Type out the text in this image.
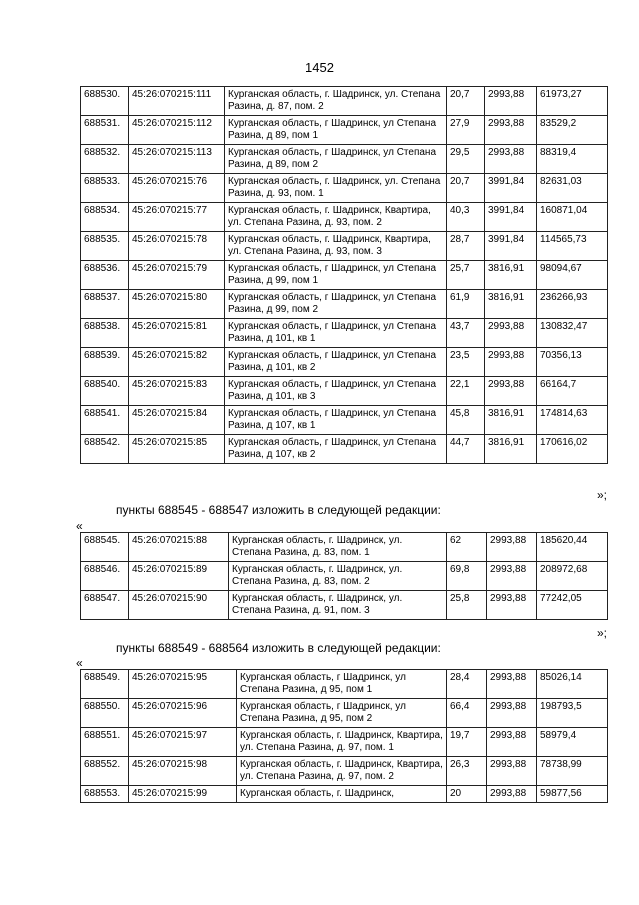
1452
688530.	45:26:070215:111	Курганская область, г. Шадринск, ул. Степана Разина, д. 87, пом. 2	20,7	2993,88	61973,27
688531.	45:26:070215:112	Курганская область, г Шадринск, ул Степана Разина, д 89, пом 1	27,9	2993,88	83529,2
688532.	45:26:070215:113	Курганская область, г Шадринск, ул Степана Разина, д 89, пом 2	29,5	2993,88	88319,4
688533.	45:26:070215:76	Курганская область, г. Шадринск, ул. Степана Разина, д. 93, пом. 1	20,7	3991,84	82631,03
688534.	45:26:070215:77	Курганская область, г. Шадринск, Квартира, ул. Степана Разина, д. 93, пом. 2	40,3	3991,84	160871,04
688535.	45:26:070215:78	Курганская область, г. Шадринск, Квартира, ул. Степана Разина, д. 93, пом. 3	28,7	3991,84	114565,73
688536.	45:26:070215:79	Курганская область, г Шадринск, ул Степана Разина, д 99, пом 1	25,7	3816,91	98094,67
688537.	45:26:070215:80	Курганская область, г Шадринск, ул Степана Разина, д 99, пом 2	61,9	3816,91	236266,93
688538.	45:26:070215:81	Курганская область, г Шадринск, ул Степана Разина, д 101, кв 1	43,7	2993,88	130832,47
688539.	45:26:070215:82	Курганская область, г Шадринск, ул Степана Разина, д 101, кв 2	23,5	2993,88	70356,13
688540.	45:26:070215:83	Курганская область, г Шадринск, ул Степана Разина, д 101, кв 3	22,1	2993,88	66164,7
688541.	45:26:070215:84	Курганская область, г Шадринск, ул Степана Разина, д 107, кв 1	45,8	3816,91	174814,63
688542.	45:26:070215:85	Курганская область, г Шадринск, ул Степана Разина, д 107, кв 2	44,7	3816,91	170616,02
»;
пункты 688545 - 688547 изложить в следующей редакции:
«
688545.	45:26:070215:88	Курганская область, г. Шадринск, ул. Степана Разина, д. 83, пом. 1	62	2993,88	185620,44
688546.	45:26:070215:89	Курганская область, г. Шадринск, ул. Степана Разина, д. 83, пом. 2	69,8	2993,88	208972,68
688547.	45:26:070215:90	Курганская область, г. Шадринск, ул. Степана Разина, д. 91, пом. 3	25,8	2993,88	77242,05
»;
пункты 688549 - 688564 изложить в следующей редакции:
«
688549.	45:26:070215:95	Курганская область, г Шадринск, ул Степана Разина, д 95, пом 1	28,4	2993,88	85026,14
688550.	45:26:070215:96	Курганская область, г Шадринск, ул Степана Разина, д 95, пом 2	66,4	2993,88	198793,5
688551.	45:26:070215:97	Курганская область, г. Шадринск, Квартира, ул. Степана Разина, д. 97, пом. 1	19,7	2993,88	58979,4
688552.	45:26:070215:98	Курганская область, г. Шадринск, Квартира, ул. Степана Разина, д. 97, пом. 2	26,3	2993,88	78738,99
688553.	45:26:070215:99	Курганская область, г. Шадринск,	20	2993,88	59877,56
